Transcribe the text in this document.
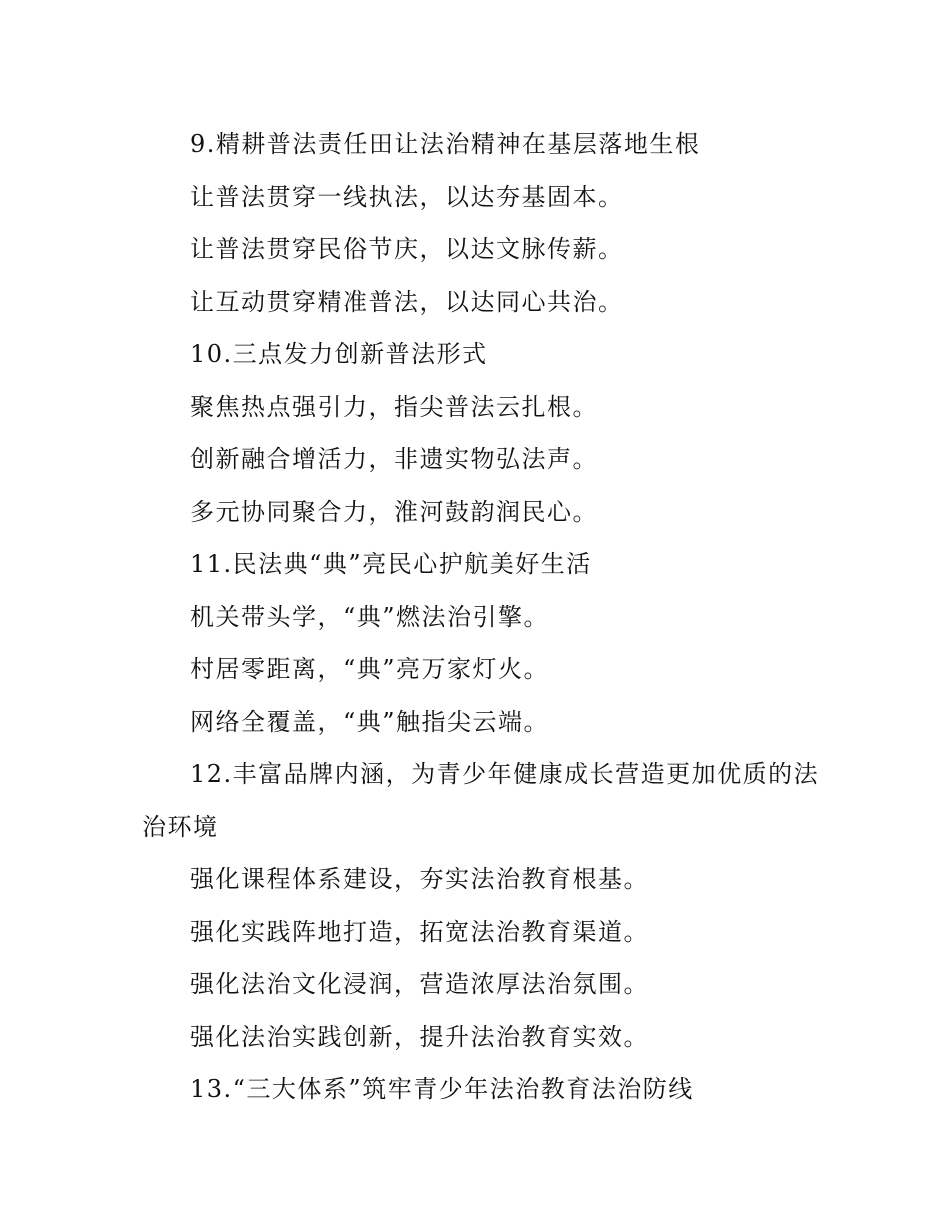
9.精耕普法责任田让法治精神在基层落地生根

让普法贯穿一线执法，以达夯基固本。

让普法贯穿民俗节庆，以达文脉传薪。

让互动贯穿精准普法，以达同心共治。

10.三点发力创新普法形式

聚焦热点强引力，指尖普法云扎根。

创新融合增活力，非遗实物弘法声。

多元协同聚合力，淮河鼓韵润民心。

11.民法典“典”亮民心护航美好生活

机关带头学，“典”燃法治引擎。

村居零距离，“典”亮万家灯火。

网络全覆盖，“典”触指尖云端。

12.丰富品牌内涵，为青少年健康成长营造更加优质的法治环境

强化课程体系建设，夯实法治教育根基。

强化实践阵地打造，拓宽法治教育渠道。

强化法治文化浸润，营造浓厚法治氛围。

强化法治实践创新，提升法治教育实效。

13.“三大体系”筑牢青少年法治教育法治防线
